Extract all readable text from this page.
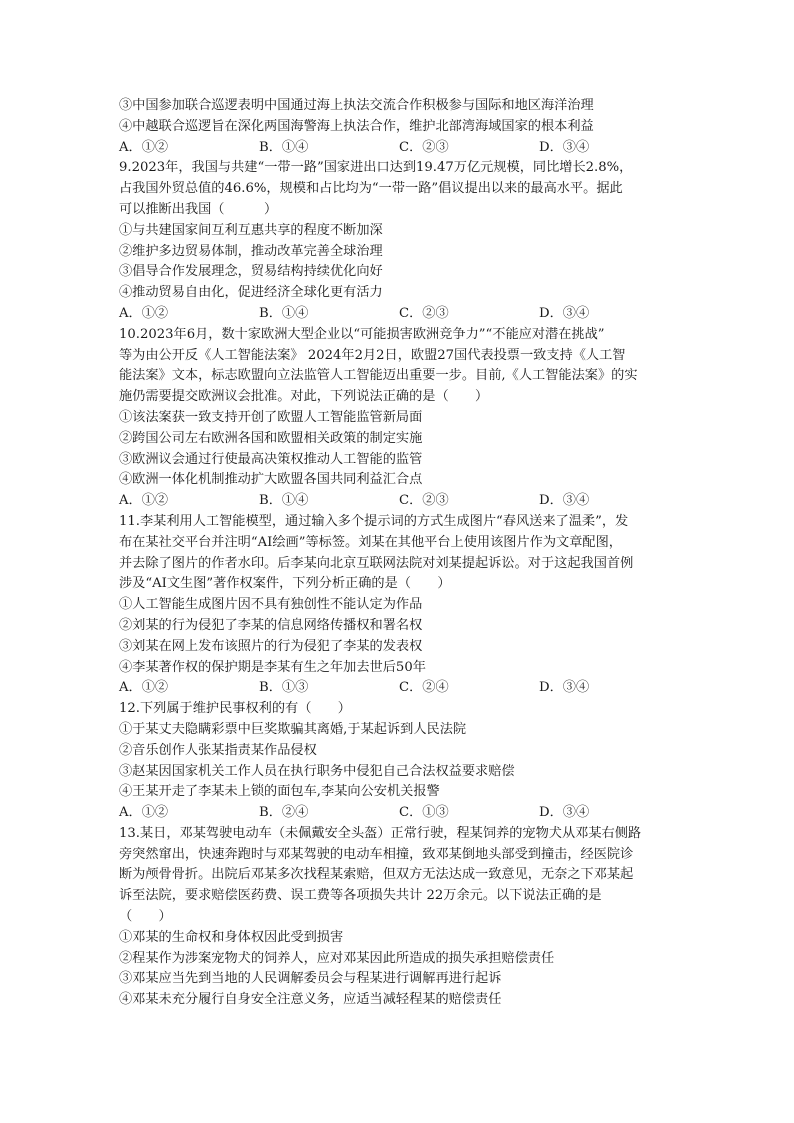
③中国参加联合巡逻表明中国通过海上执法交流合作积极参与国际和地区海洋治理
④中越联合巡逻旨在深化两国海警海上执法合作，维护北部湾海域国家的根本利益
A．①②	B．①④	C．②③	D．③④
9.2023年，我国与共建“一带一路”国家进出口达到19.47万亿元规模，同比增长2.8%，
占我国外贸总值的46.6%，规模和占比均为“一带一路”倡议提出以来的最高水平。据此
可以推断出我国（　　　）
①与共建国家间互利互惠共享的程度不断加深
②维护多边贸易体制，推动改革完善全球治理
③倡导合作发展理念，贸易结构持续优化向好
④推动贸易自由化，促进经济全球化更有活力
A．①②	B．①④	C．②③	D．③④
10.2023年6月，数十家欧洲大型企业以“可能损害欧洲竞争力”“不能应对潜在挑战”
等为由公开反《人工智能法案》 2024年2月2日，欧盟27国代表投票一致支持《人工智
能法案》文本，标志欧盟向立法监管人工智能迈出重要一步。目前,《人工智能法案》的实
施仍需要提交欧洲议会批准。对此，下列说法正确的是（　　）
①该法案获一致支持开创了欧盟人工智能监管新局面
②跨国公司左右欧洲各国和欧盟相关政策的制定实施
③欧洲议会通过行使最高决策权推动人工智能的监管
④欧洲一体化机制推动扩大欧盟各国共同利益汇合点
A．①②	B．①④	C．②③	D．③④
11.李某利用人工智能模型，通过输入多个提示词的方式生成图片“春风送来了温柔”，发
布在某社交平台并注明“AI绘画”等标签。刘某在其他平台上使用该图片作为文章配图，
并去除了图片的作者水印。后李某向北京互联网法院对刘某提起诉讼。对于这起我国首例
涉及“AI文生图”著作权案件，下列分析正确的是（　　）
①人工智能生成图片因不具有独创性不能认定为作品
②刘某的行为侵犯了李某的信息网络传播权和署名权
③刘某在网上发布该照片的行为侵犯了李某的发表权
④李某著作权的保护期是李某有生之年加去世后50年
A．①②	B．①③	C．②④	D．③④
12.下列属于维护民事权利的有（　　）
①于某丈夫隐瞒彩票中巨奖欺骗其离婚,于某起诉到人民法院
②音乐创作人张某指责某作品侵权
③赵某因国家机关工作人员在执行职务中侵犯自己合法权益要求赔偿
④王某开走了李某未上锁的面包车,李某向公安机关报警
A．①②	B．②④	C．①③	D．③④
13.某日，邓某驾驶电动车（未佩戴安全头盔）正常行驶，程某饲养的宠物犬从邓某右侧路
旁突然窜出，快速奔跑时与邓某驾驶的电动车相撞，致邓某倒地头部受到撞击，经医院诊
断为颅骨骨折。出院后邓某多次找程某索赔，但双方无法达成一致意见，无奈之下邓某起
诉至法院，要求赔偿医药费、误工费等各项损失共计 22万余元。以下说法正确的是
（　　）
①邓某的生命权和身体权因此受到损害
②程某作为涉案宠物犬的饲养人，应对邓某因此所造成的损失承担赔偿责任
③邓某应当先到当地的人民调解委员会与程某进行调解再进行起诉
④邓某未充分履行自身安全注意义务，应适当减轻程某的赔偿责任
